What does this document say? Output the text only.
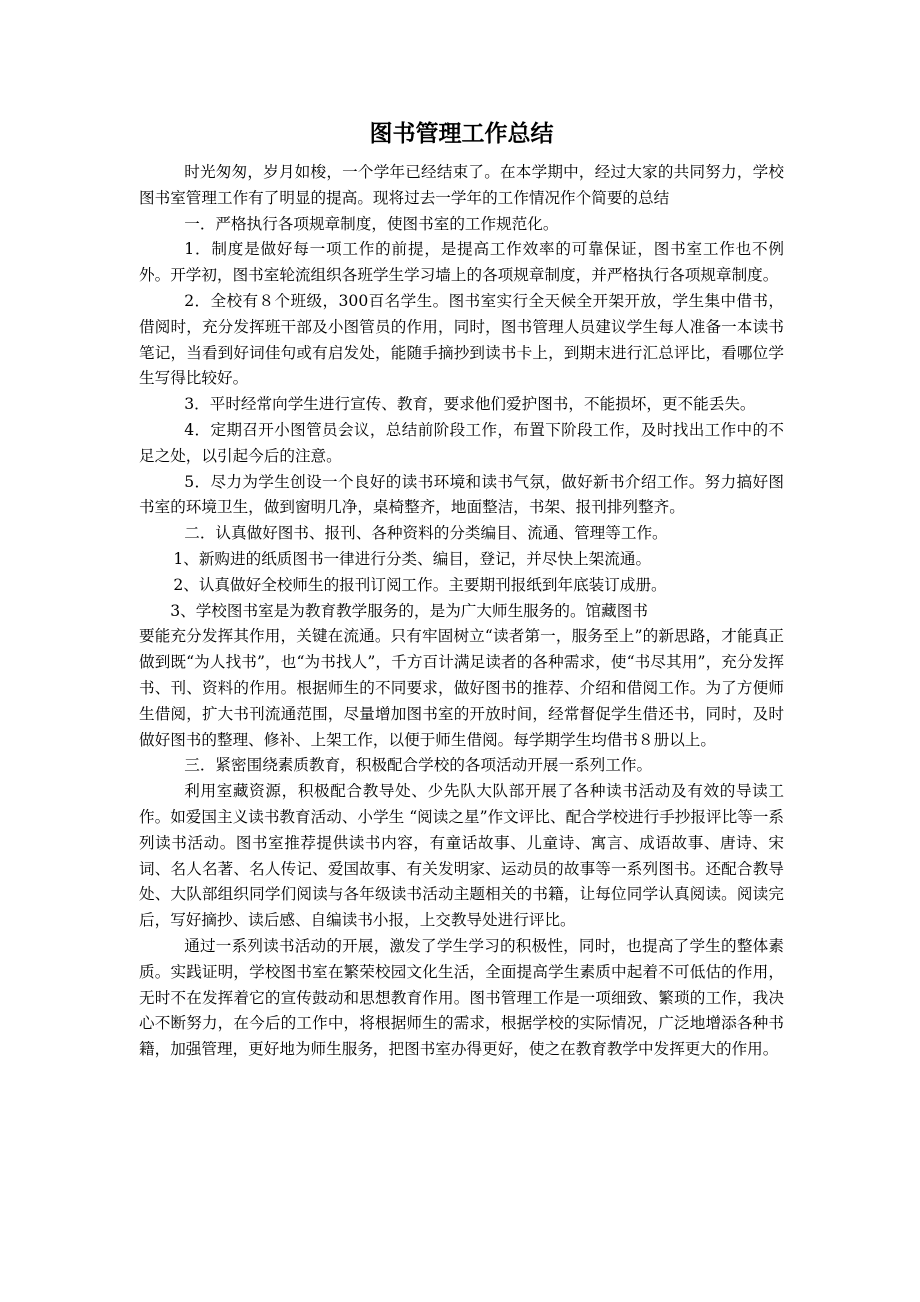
图书管理工作总结

时光匆匆，岁月如梭，一个学年已经结束了。在本学期中，经过大家的共同努力，学校图书室管理工作有了明显的提高。现将过去一学年的工作情况作个简要的总结

一．严格执行各项规章制度，使图书室的工作规范化。

1．制度是做好每一项工作的前提，是提高工作效率的可靠保证，图书室工作也不例外。开学初，图书室轮流组织各班学生学习墙上的各项规章制度，并严格执行各项规章制度。

2．全校有８个班级，300百名学生。图书室实行全天候全开架开放，学生集中借书，借阅时，充分发挥班干部及小图管员的作用，同时，图书管理人员建议学生每人准备一本读书笔记，当看到好词佳句或有启发处，能随手摘抄到读书卡上，到期末进行汇总评比，看哪位学生写得比较好。

3．平时经常向学生进行宣传、教育，要求他们爱护图书，不能损坏，更不能丢失。

4．定期召开小图管员会议，总结前阶段工作，布置下阶段工作，及时找出工作中的不足之处，以引起今后的注意。

5．尽力为学生创设一个良好的读书环境和读书气氛，做好新书介绍工作。努力搞好图书室的环境卫生，做到窗明几净，桌椅整齐，地面整洁，书架、报刊排列整齐。

二．认真做好图书、报刊、各种资料的分类编目、流通、管理等工作。

1、新购进的纸质图书一律进行分类、编目，登记，并尽快上架流通。

2、认真做好全校师生的报刊订阅工作。主要期刊报纸到年底装订成册。

3、学校图书室是为教育教学服务的，是为广大师生服务的。馆藏图书

要能充分发挥其作用，关键在流通。只有牢固树立“读者第一，服务至上”的新思路，才能真正做到既“为人找书”，也“为书找人”，千方百计满足读者的各种需求，使“书尽其用”，充分发挥书、刊、资料的作用。根据师生的不同要求，做好图书的推荐、介绍和借阅工作。为了方便师生借阅，扩大书刊流通范围，尽量增加图书室的开放时间，经常督促学生借还书，同时，及时做好图书的整理、修补、上架工作，以便于师生借阅。每学期学生均借书８册以上。

三．紧密围绕素质教育，积极配合学校的各项活动开展一系列工作。

利用室藏资源，积极配合教导处、少先队大队部开展了各种读书活动及有效的导读工作。如爱国主义读书教育活动、小学生 “阅读之星”作文评比、配合学校进行手抄报评比等一系列读书活动。图书室推荐提供读书内容，有童话故事、儿童诗、寓言、成语故事、唐诗、宋词、名人名著、名人传记、爱国故事、有关发明家、运动员的故事等一系列图书。还配合教导处、大队部组织同学们阅读与各年级读书活动主题相关的书籍，让每位同学认真阅读。阅读完后，写好摘抄、读后感、自编读书小报，上交教导处进行评比。

通过一系列读书活动的开展，激发了学生学习的积极性，同时，也提高了学生的整体素质。实践证明，学校图书室在繁荣校园文化生活，全面提高学生素质中起着不可低估的作用，无时不在发挥着它的宣传鼓动和思想教育作用。图书管理工作是一项细致、繁琐的工作，我决心不断努力，在今后的工作中，将根据师生的需求，根据学校的实际情况，广泛地增添各种书籍，加强管理，更好地为师生服务，把图书室办得更好，使之在教育教学中发挥更大的作用。
